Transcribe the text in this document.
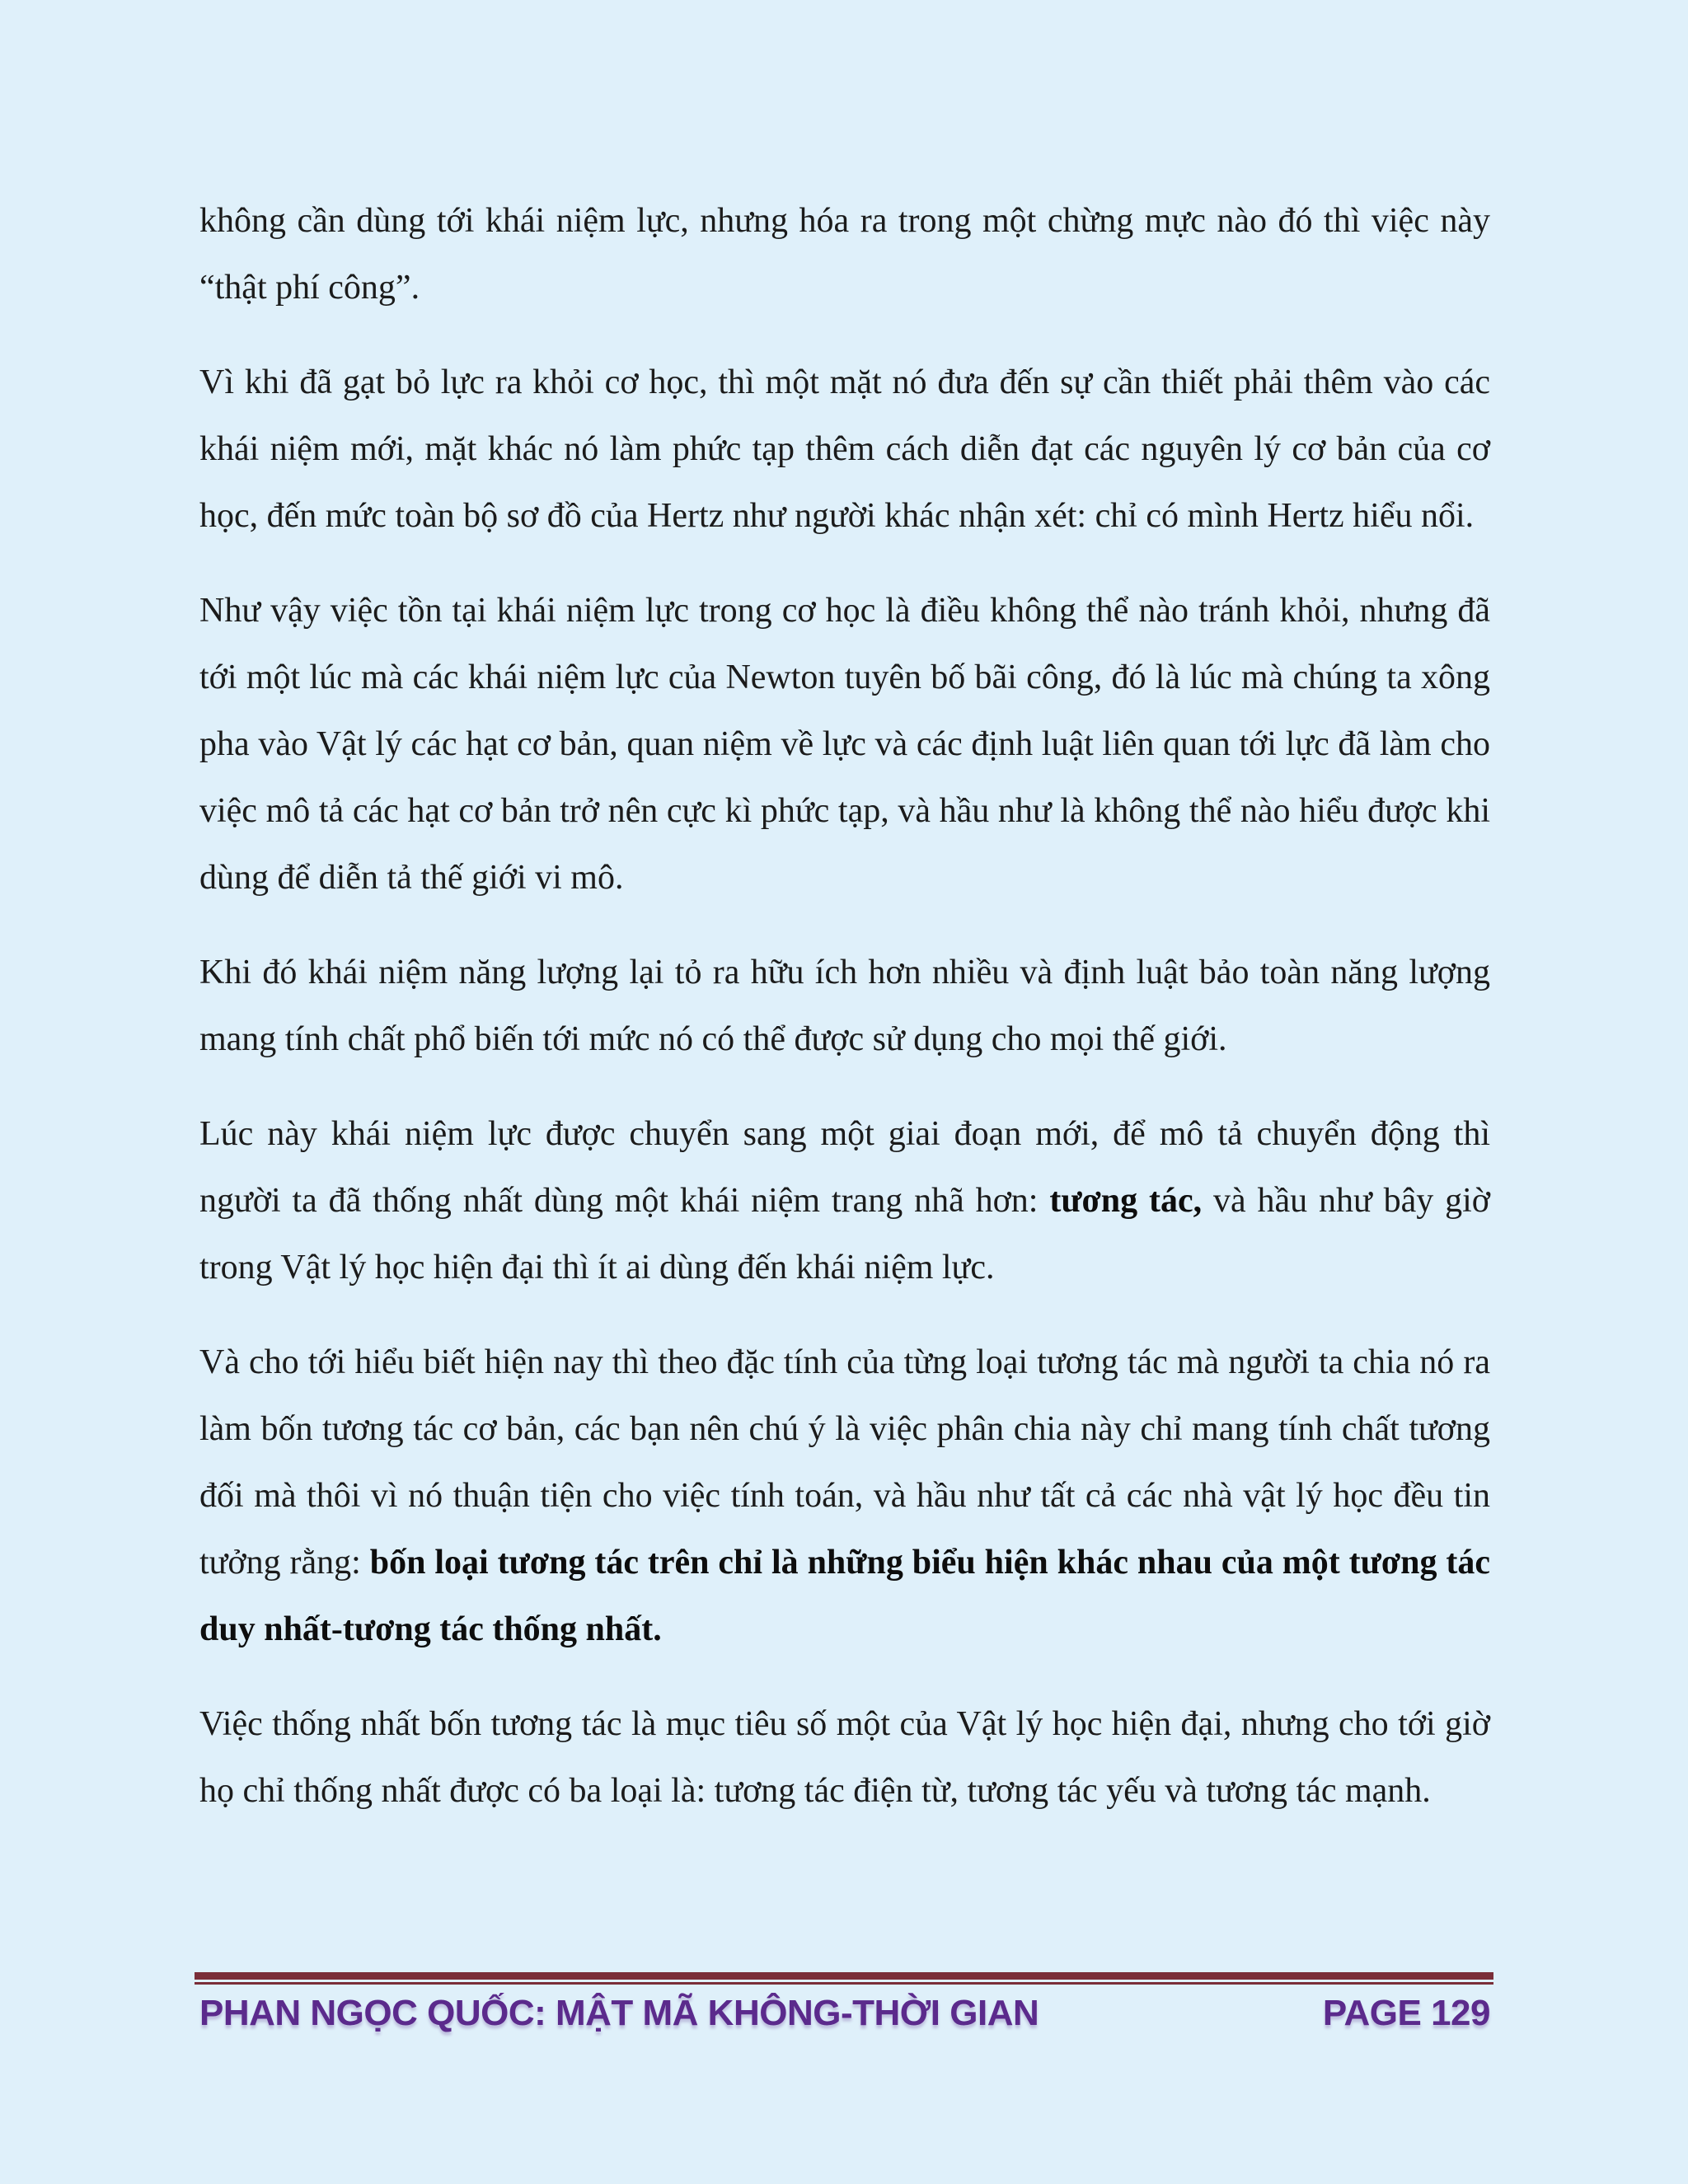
không cần dùng tới khái niệm lực, nhưng hóa ra trong một chừng mực nào đó thì việc này “thật phí công”.

Vì khi đã gạt bỏ lực ra khỏi cơ học, thì một mặt nó đưa đến sự cần thiết phải thêm vào các khái niệm mới, mặt khác nó làm phức tạp thêm cách diễn đạt các nguyên lý cơ bản của cơ học, đến mức toàn bộ sơ đồ của Hertz như người khác nhận xét: chỉ có mình Hertz hiểu nổi.

Như vậy việc tồn tại khái niệm lực trong cơ học là điều không thể nào tránh khỏi, nhưng đã tới một lúc mà các khái niệm lực của Newton tuyên bố bãi công, đó là lúc mà chúng ta xông pha vào Vật lý các hạt cơ bản, quan niệm về lực và các định luật liên quan tới lực đã làm cho việc mô tả các hạt cơ bản trở nên cực kì phức tạp, và hầu như là không thể nào hiểu được khi dùng để diễn tả thế giới vi mô.

Khi đó khái niệm năng lượng lại tỏ ra hữu ích hơn nhiều và định luật bảo toàn năng lượng mang tính chất phổ biến tới mức nó có thể được sử dụng cho mọi thế giới.

Lúc này khái niệm lực được chuyển sang một giai đoạn mới, để mô tả chuyển động thì người ta đã thống nhất dùng một khái niệm trang nhã hơn: tương tác, và hầu như bây giờ trong Vật lý học hiện đại thì ít ai dùng đến khái niệm lực.

Và cho tới hiểu biết hiện nay thì theo đặc tính của từng loại tương tác mà người ta chia nó ra làm bốn tương tác cơ bản, các bạn nên chú ý là việc phân chia này chỉ mang tính chất tương đối mà thôi vì nó thuận tiện cho việc tính toán, và hầu như tất cả các nhà vật lý học đều tin tưởng rằng: bốn loại tương tác trên chỉ là những biểu hiện khác nhau của một tương tác duy nhất-tương tác thống nhất.

Việc thống nhất bốn tương tác là mục tiêu số một của Vật lý học hiện đại, nhưng cho tới giờ họ chỉ thống nhất được có ba loại là: tương tác điện từ, tương tác yếu và tương tác mạnh.

PHAN NGỌC QUỐC: MẬT MÃ KHÔNG-THỜI GIAN	PAGE 129
